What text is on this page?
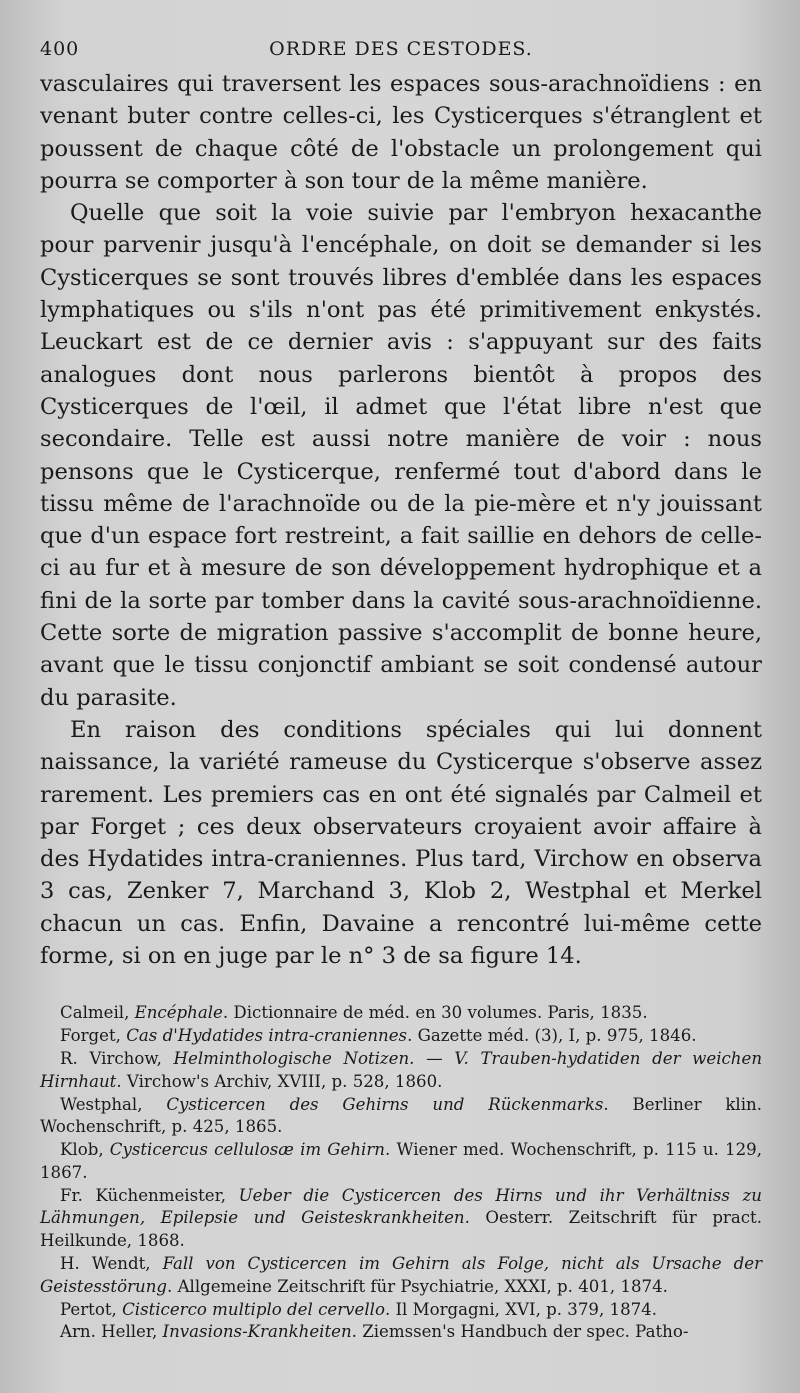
400	ORDRE DES CESTODES.

vasculaires qui traversent les espaces sous-arachnoïdiens : en venant buter contre celles-ci, les Cysticerques s'étranglent et poussent de chaque côté de l'obstacle un prolongement qui pourra se comporter à son tour de la même manière.

Quelle que soit la voie suivie par l'embryon hexacanthe pour parvenir jusqu'à l'encéphale, on doit se demander si les Cysticerques se sont trouvés libres d'emblée dans les espaces lymphatiques ou s'ils n'ont pas été primitivement enkystés. Leuckart est de ce dernier avis : s'appuyant sur des faits analogues dont nous parlerons bientôt à propos des Cysticerques de l'œil, il admet que l'état libre n'est que secondaire. Telle est aussi notre manière de voir : nous pensons que le Cysticerque, renfermé tout d'abord dans le tissu même de l'arachnoïde ou de la pie-mère et n'y jouissant que d'un espace fort restreint, a fait saillie en dehors de celle-ci au fur et à mesure de son développement hydrophique et a fini de la sorte par tomber dans la cavité sous-arachnoïdienne. Cette sorte de migration passive s'accomplit de bonne heure, avant que le tissu conjonctif ambiant se soit condensé autour du parasite.

En raison des conditions spéciales qui lui donnent naissance, la variété rameuse du Cysticerque s'observe assez rarement. Les premiers cas en ont été signalés par Calmeil et par Forget ; ces deux observateurs croyaient avoir affaire à des Hydatides intra-craniennes. Plus tard, Virchow en observa 3 cas, Zenker 7, Marchand 3, Klob 2, Westphal et Merkel chacun un cas. Enfin, Davaine a rencontré lui-même cette forme, si on en juge par le n° 3 de sa figure 14.

Calmeil, Encéphale. Dictionnaire de méd. en 30 volumes. Paris, 1835.

Forget, Cas d'Hydatides intra-craniennes. Gazette méd. (3), I, p. 975, 1846.

R. Virchow, Helminthologische Notizen. — V. Trauben-hydatiden der weichen Hirnhaut. Virchow's Archiv, XVIII, p. 528, 1860.

Westphal, Cysticercen des Gehirns und Rückenmarks. Berliner klin. Wochenschrift, p. 425, 1865.

Klob, Cysticercus cellulosæ im Gehirn. Wiener med. Wochenschrift, p. 115 u. 129, 1867.

Fr. Küchenmeister, Ueber die Cysticercen des Hirns und ihr Verhältniss zu Lähmungen, Epilepsie und Geisteskrankheiten. Oesterr. Zeitschrift für pract. Heilkunde, 1868.

H. Wendt, Fall von Cysticercen im Gehirn als Folge, nicht als Ursache der Geistesstörung. Allgemeine Zeitschrift für Psychiatrie, XXXI, p. 401, 1874.

Pertot, Cisticerco multiplo del cervello. Il Morgagni, XVI, p. 379, 1874.

Arn. Heller, Invasions-Krankheiten. Ziemssen's Handbuch der spec. Patho-
